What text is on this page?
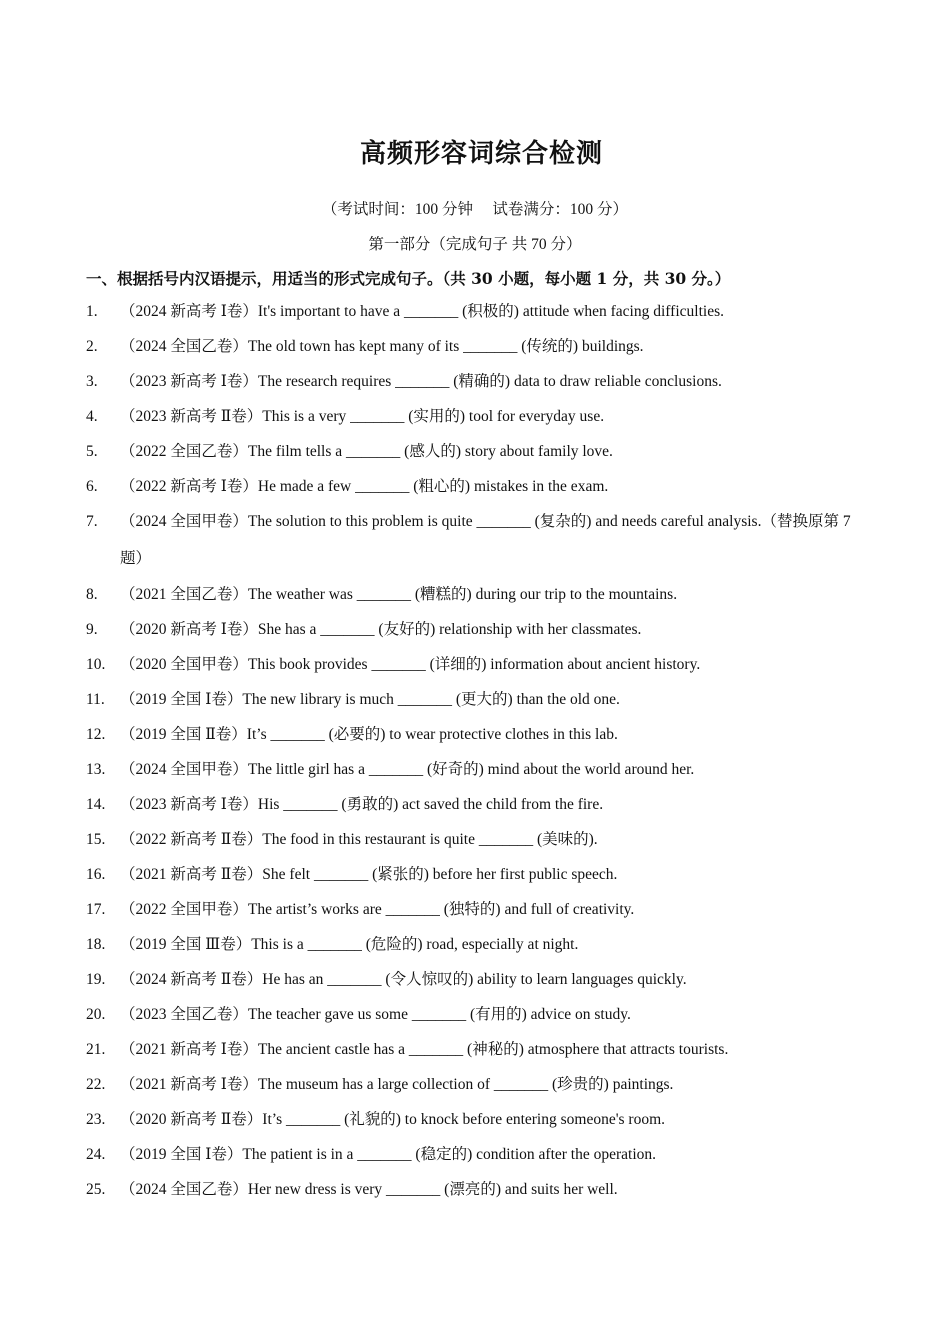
高频形容词综合检测
（考试时间：100 分钟　 试卷满分：100 分）
第一部分（完成句子 共 70 分）
一、根据括号内汉语提示，用适当的形式完成句子。（共 30 小题，每小题 1 分，共 30 分。）
1.	（2024 新高考 Ⅰ卷）It's important to have a _______ (积极的) attitude when facing difficulties.
2.	（2024 全国乙卷）The old town has kept many of its _______ (传统的) buildings.
3.	（2023 新高考 Ⅰ卷）The research requires _______ (精确的) data to draw reliable conclusions.
4.	（2023 新高考 Ⅱ卷）This is a very _______ (实用的) tool for everyday use.
5.	（2022 全国乙卷）The film tells a _______ (感人的) story about family love.
6.	（2022 新高考 Ⅰ卷）He made a few _______ (粗心的) mistakes in the exam.
7.	（2024 全国甲卷）The solution to this problem is quite _______ (复杂的) and needs careful analysis.（替换原第 7 题）
8.	（2021 全国乙卷）The weather was _______ (糟糕的) during our trip to the mountains.
9.	（2020 新高考 Ⅰ卷）She has a _______ (友好的) relationship with her classmates.
10. （2020 全国甲卷）This book provides _______ (详细的) information about ancient history.
11. （2019 全国 Ⅰ卷）The new library is much _______ (更大的) than the old one.
12. （2019 全国 Ⅱ卷）It’s _______ (必要的) to wear protective clothes in this lab.
13. （2024 全国甲卷）The little girl has a _______ (好奇的) mind about the world around her.
14. （2023 新高考 Ⅰ卷）His _______ (勇敢的) act saved the child from the fire.
15. （2022 新高考 Ⅱ卷）The food in this restaurant is quite _______ (美味的).
16. （2021 新高考 Ⅱ卷）She felt _______ (紧张的) before her first public speech.
17. （2022 全国甲卷）The artist’s works are _______ (独特的) and full of creativity.
18. （2019 全国 Ⅲ卷）This is a _______ (危险的) road, especially at night.
19. （2024 新高考 Ⅱ卷）He has an _______ (令人惊叹的) ability to learn languages quickly.
20. （2023 全国乙卷）The teacher gave us some _______ (有用的) advice on study.
21. （2021 新高考 Ⅰ卷）The ancient castle has a _______ (神秘的) atmosphere that attracts tourists.
22. （2021 新高考 Ⅰ卷）The museum has a large collection of _______ (珍贵的) paintings.
23. （2020 新高考 Ⅱ卷）It’s _______ (礼貌的) to knock before entering someone's room.
24. （2019 全国 Ⅰ卷）The patient is in a _______ (稳定的) condition after the operation.
25. （2024 全国乙卷）Her new dress is very _______ (漂亮的) and suits her well.
